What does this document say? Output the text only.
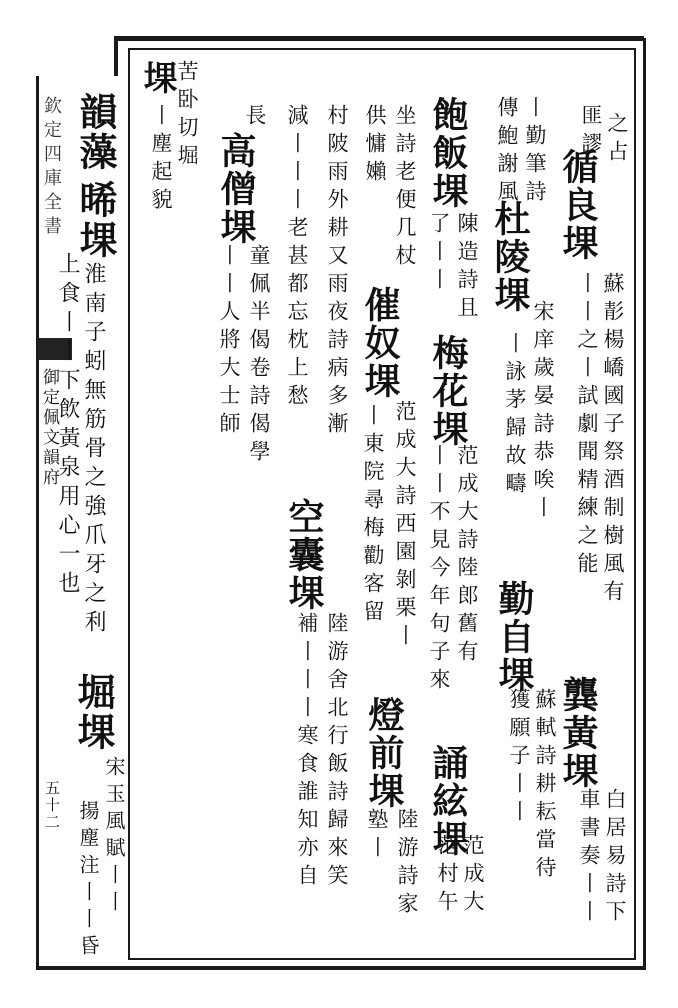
欽定四庫全書
御定佩文韻府
五十二
韻藻
晞堁
淮南子蚓無筋骨之強爪牙之利
上食丨丨下飲黃泉用心一也
堀堁
宋玉風賦丨丨
揚塵注丨丨昏
堁
苦卧切堀
丨塵起貌	之占
匪謬
循良堁
蘇𩇕楊嶠國子祭酒制樹風有
丨丨之丨試劇聞精練之能
丨勤筆詩
傳鮑謝風
杜陵堁
宋庠歲晏詩恭唉丨
丨詠茅歸故疇
勤自堁
蘇軾詩耕耘當待
獲願子丨丨 龔黃堁
白居易詩下
車書奏丨丨
飽飯堁
陳造詩且
了丨丨
梅花堁
范成大詩陸郎舊有
丨丨不見今年句子來
誦絃堁
范成大
范村午
坐詩老便几杖
催奴堁
范成大詩西園剝栗丨
供慵嬾
丨東院尋梅勸客留
燈前堁
陸游詩家
塾丨
村陂雨外耕又雨夜詩病多漸
空囊堁
陸游舍北行飯詩歸來笑
補丨丨丨寒食誰知亦自
減丨丨丨老甚都忘枕上愁
長
高僧堁
童佩半偈卷詩偈學
丨丨人將大士師
